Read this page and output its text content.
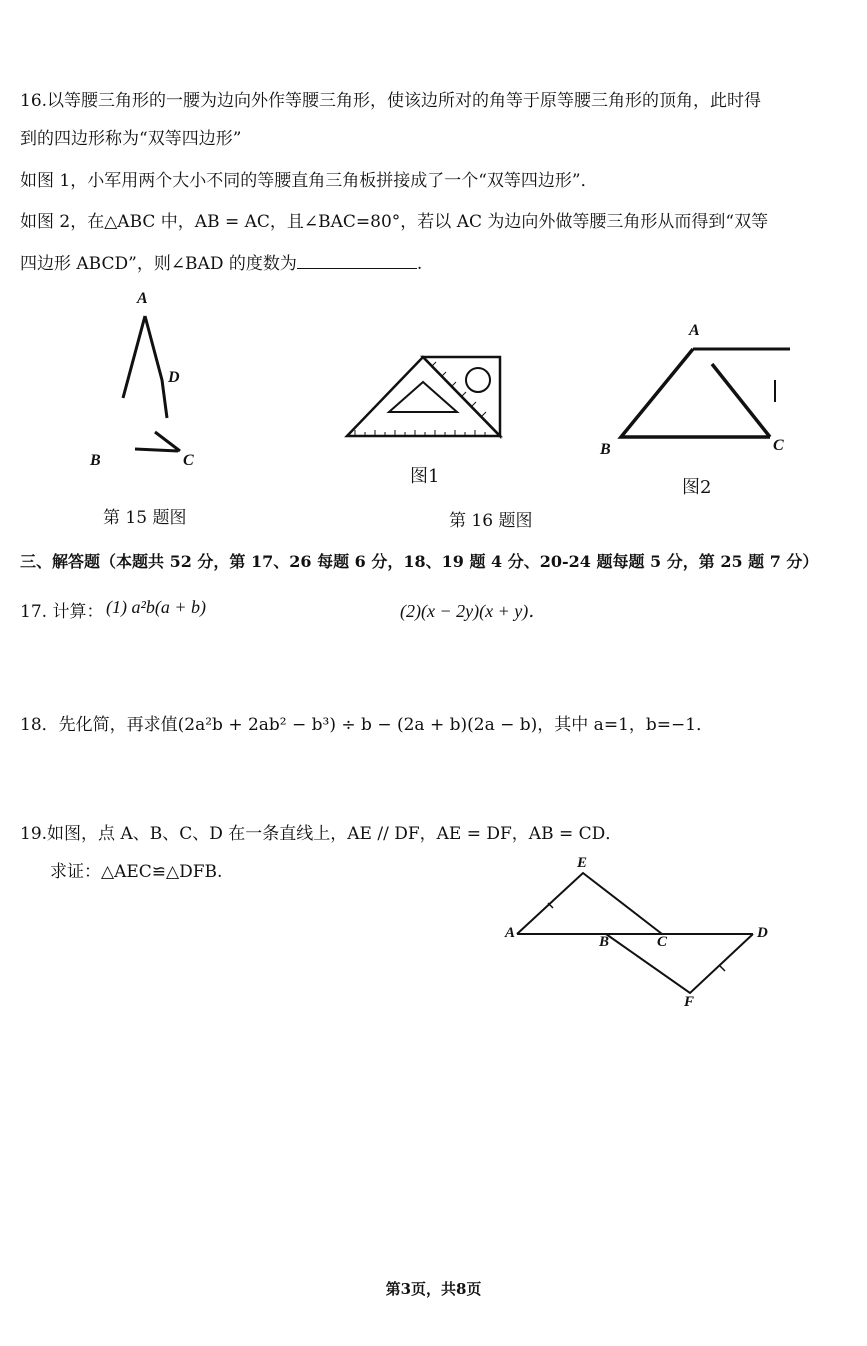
16.以等腰三角形的一腰为边向外作等腰三角形，使该边所对的角等于原等腰三角形的顶角，此时得
到的四边形称为“双等四边形”
如图 1，小军用两个大小不同的等腰直角三角板拼接成了一个“双等四边形”．
如图 2，在△ABC 中，AB = AC，且∠BAC=80°，若以 AC 为边向外做等腰三角形从而得到“双等
四边形 ABCD”，则∠BAD 的度数为	.
A
D
B	C
第 15 题图
图1
第 16 题图
A
B	C
图2
三、解答题（本题共 52 分，第 17、26 每题 6 分，18、19 题 4 分、20-24 题每题 5 分，第 25 题 7 分）
17. 计算： (1) a²b(a + b)	(2)(x − 2y)(x + y)．
18．先化简，再求值(2a²b + 2ab² − b³) ÷ b − (2a + b)(2a − b)，其中 a=1，b=−1．
19.如图，点 A、B、C、D 在一条直线上，AE // DF，AE = DF，AB = CD．
求证：△AEC≌△DFB.	E
A
B	C
D
F
第3页，共8页
